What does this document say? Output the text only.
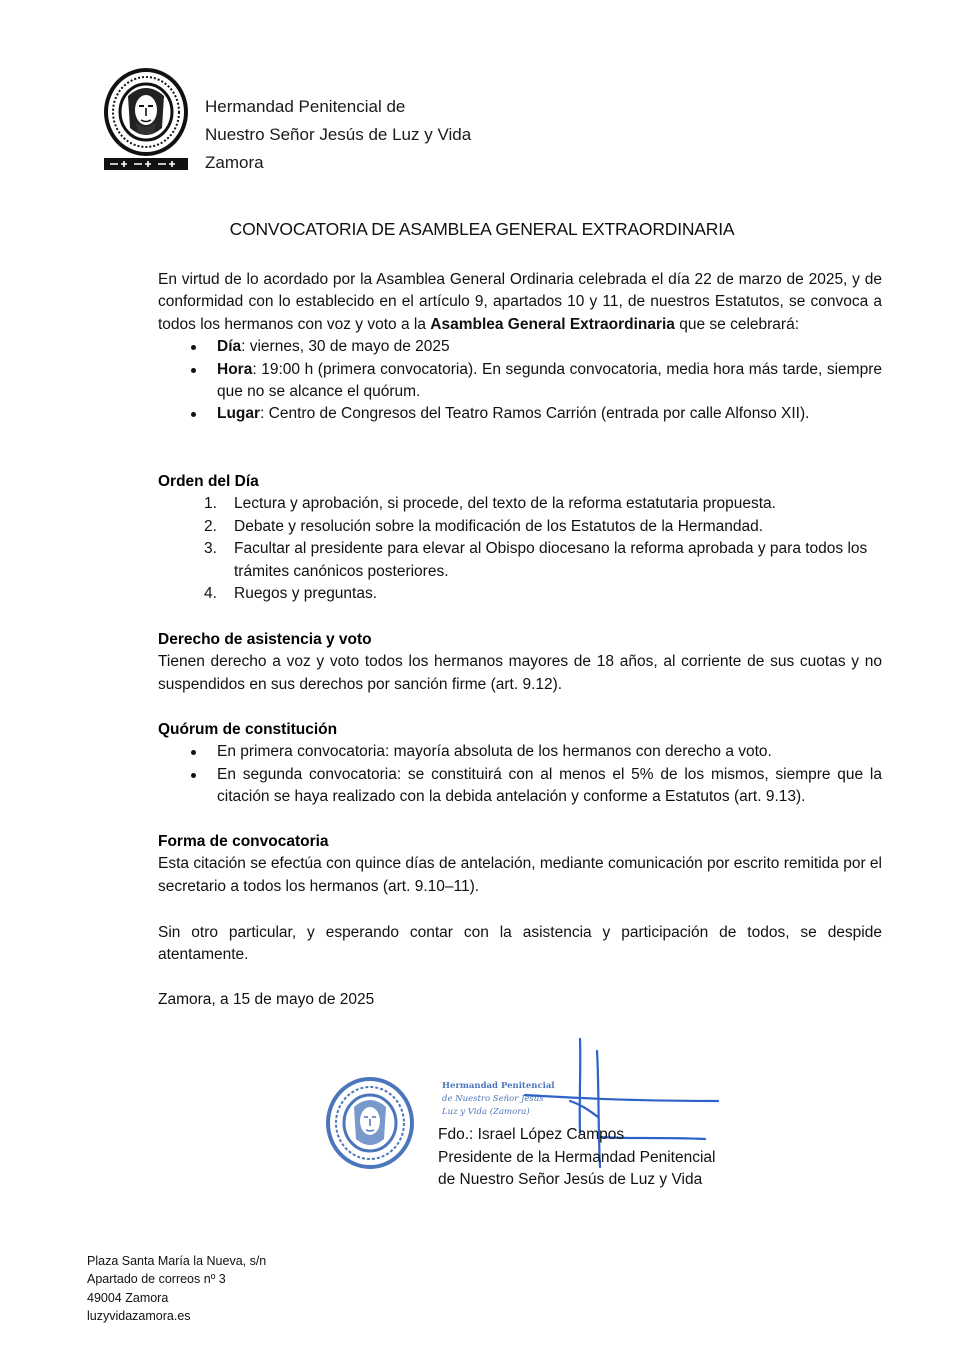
Hermandad Penitencial de
Nuestro Señor Jesús de Luz y Vida
Zamora
CONVOCATORIA DE ASAMBLEA GENERAL EXTRAORDINARIA

En virtud de lo acordado por la Asamblea General Ordinaria celebrada el día 22 de marzo de 2025, y de conformidad con lo establecido en el artículo 9, apartados 10 y 11, de nuestros Estatutos, se convoca a todos los hermanos con voz y voto a la Asamblea General Extraordinaria que se celebrará:

Día: viernes, 30 de mayo de 2025
Hora: 19:00 h (primera convocatoria). En segunda convocatoria, media hora más tarde, siempre que no se alcance el quórum.
Lugar: Centro de Congresos del Teatro Ramos Carrión (entrada por calle Alfonso XII).

Orden del Día

1. Lectura y aprobación, si procede, del texto de la reforma estatutaria propuesta.
2. Debate y resolución sobre la modificación de los Estatutos de la Hermandad.
3. Facultar al presidente para elevar al Obispo diocesano la reforma aprobada y para todos los trámites canónicos posteriores.
4. Ruegos y preguntas.

Derecho de asistencia y voto

Tienen derecho a voz y voto todos los hermanos mayores de 18 años, al corriente de sus cuotas y no suspendidos en sus derechos por sanción firme (art. 9.12).

Quórum de constitución

En primera convocatoria: mayoría absoluta de los hermanos con derecho a voto.
En segunda convocatoria: se constituirá con al menos el 5% de los mismos, siempre que la citación se haya realizado con la debida antelación y conforme a Estatutos (art. 9.13).

Forma de convocatoria

Esta citación se efectúa con quince días de antelación, mediante comunicación por escrito remitida por el secretario a todos los hermanos (art. 9.10–11).

Sin otro particular, y esperando contar con la asistencia y participación de todos, se despide atentamente.

Zamora, a 15 de mayo de 2025

Hermandad Penitencial
de Nuestro Señor Jesús
Luz y Vida (Zamora)
Fdo.: Israel López Campos
Presidente de la Hermandad Penitencial
de Nuestro Señor Jesús de Luz y Vida
Plaza Santa María la Nueva, s/n
Apartado de correos nº 3
49004 Zamora
luzyvidazamora.es
